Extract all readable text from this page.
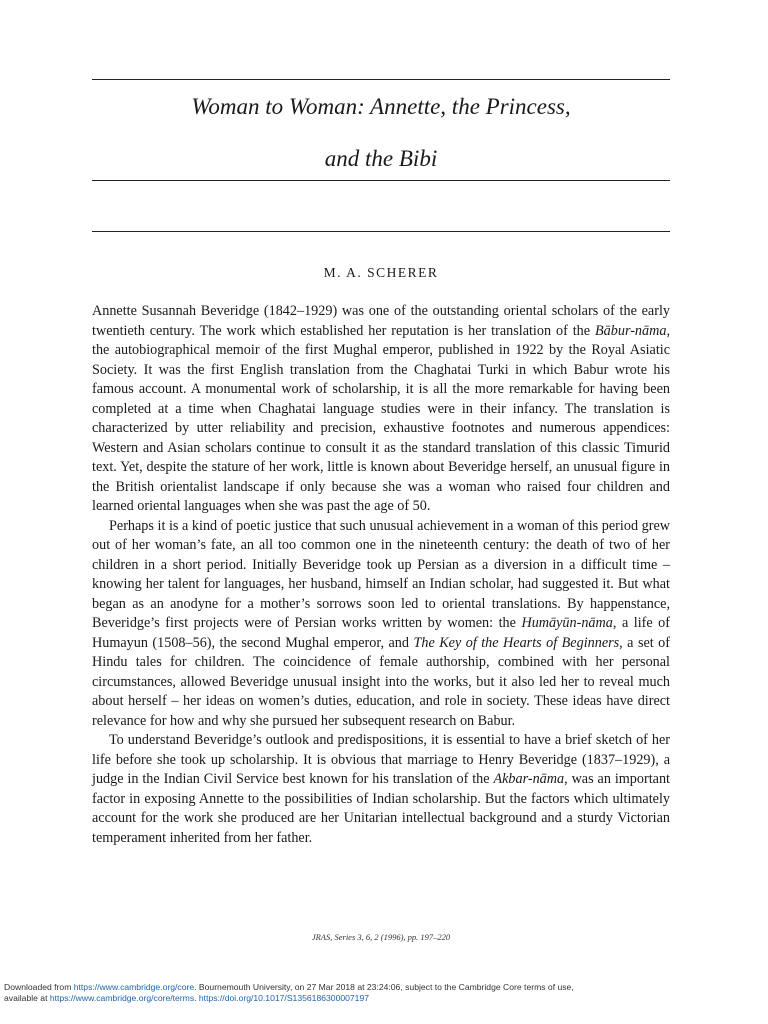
Woman to Woman: Annette, the Princess,
and the Bibi
M. A. SCHERER

Annette Susannah Beveridge (1842–1929) was one of the outstanding oriental scholars of the early twentieth century. The work which established her reputation is her translation of the Bābur-nāma, the autobiographical memoir of the first Mughal emperor, published in 1922 by the Royal Asiatic Society. It was the first English translation from the Chaghatai Turki in which Babur wrote his famous account. A monumental work of scholarship, it is all the more remarkable for having been completed at a time when Chaghatai language studies were in their infancy. The translation is characterized by utter reliability and precision, exhaustive footnotes and numerous appendices: Western and Asian scholars continue to consult it as the standard translation of this classic Timurid text. Yet, despite the stature of her work, little is known about Beveridge herself, an unusual figure in the British orientalist landscape if only because she was a woman who raised four children and learned oriental languages when she was past the age of 50.

Perhaps it is a kind of poetic justice that such unusual achievement in a woman of this period grew out of her woman’s fate, an all too common one in the nineteenth century: the death of two of her children in a short period. Initially Beveridge took up Persian as a diversion in a difficult time – knowing her talent for languages, her husband, himself an Indian scholar, had suggested it. But what began as an anodyne for a mother’s sorrows soon led to oriental translations. By happenstance, Beveridge’s first projects were of Persian works written by women: the Humāyūn-nāma, a life of Humayun (1508–56), the second Mughal emperor, and The Key of the Hearts of Beginners, a set of Hindu tales for children. The coincidence of female authorship, combined with her personal circumstances, allowed Beveridge unusual insight into the works, but it also led her to reveal much about herself – her ideas on women’s duties, education, and role in society. These ideas have direct relevance for how and why she pursued her subsequent research on Babur.

To understand Beveridge’s outlook and predispositions, it is essential to have a brief sketch of her life before she took up scholarship. It is obvious that marriage to Henry Beveridge (1837–1929), a judge in the Indian Civil Service best known for his translation of the Akbar-nāma, was an important factor in exposing Annette to the possibilities of Indian scholarship. But the factors which ultimately account for the work she produced are her Unitarian intellectual background and a sturdy Victorian temperament inherited from her father.

JRAS, Series 3, 6, 2 (1996), pp. 197–220
Downloaded from https://www.cambridge.org/core. Bournemouth University, on 27 Mar 2018 at 23:24:06, subject to the Cambridge Core terms of use,
available at https://www.cambridge.org/core/terms. https://doi.org/10.1017/S1356186300007197
